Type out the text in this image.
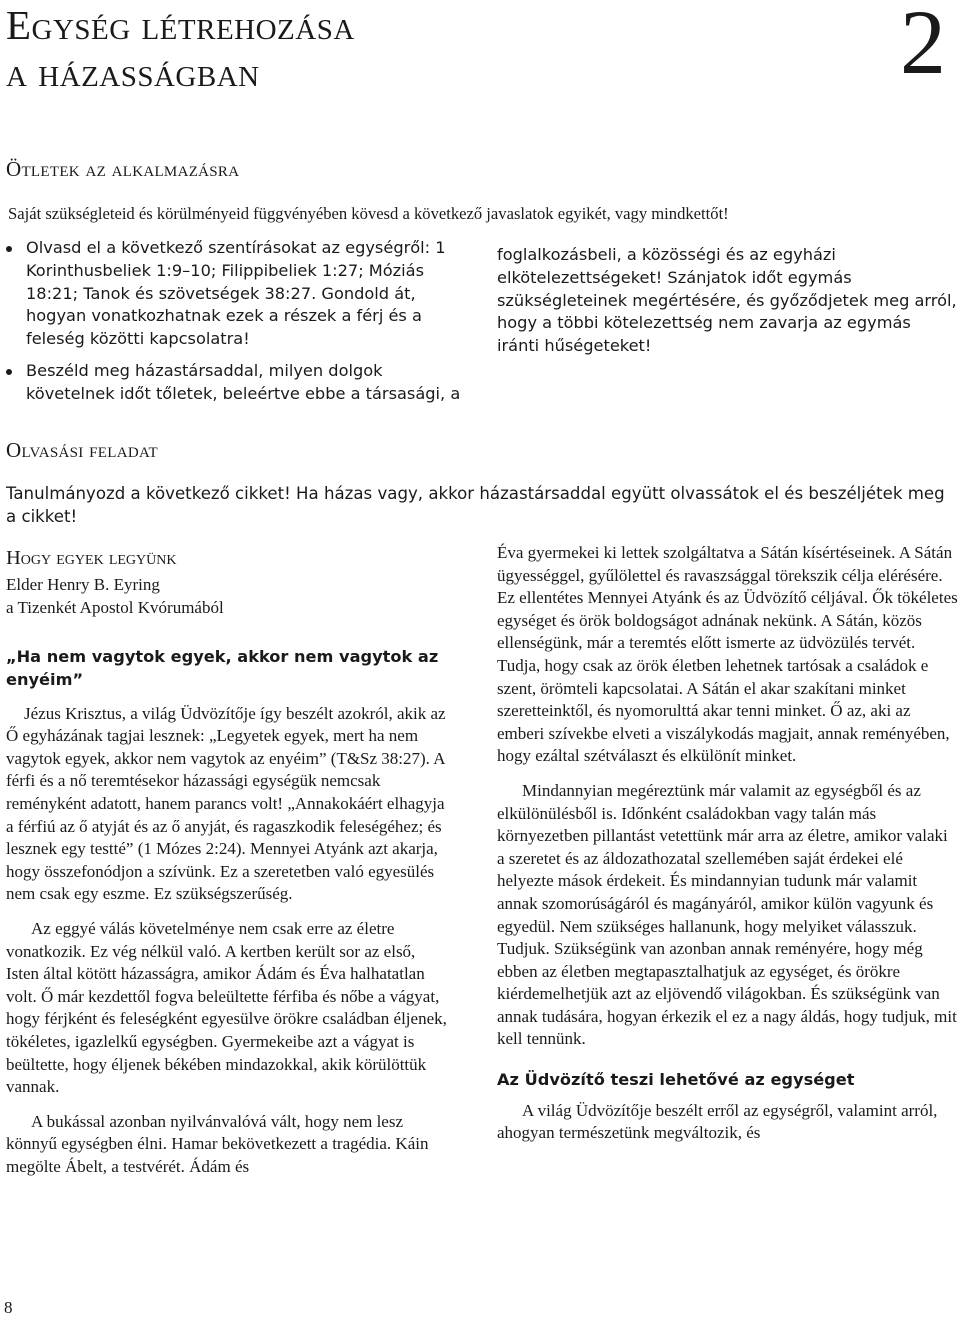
Egység létrehozása
a házasságban	2
Ötletek az alkalmazásra
Saját szükségleteid és körülményeid függvényében kövesd a következő javaslatok egyikét, vagy mindkettőt!
Olvasd el a következő szentírásokat az egységről: 1 Korinthusbeliek 1:9–10; Filippibeliek 1:27; Móziás 18:21; Tanok és szövetségek 38:27. Gondold át, hogyan vonatkozhatnak ezek a részek a férj és a feleség közötti kapcsolatra!
Beszéld meg házastársaddal, milyen dolgok követelnek időt tőletek, beleértve ebbe a társasági, a
foglalkozásbeli, a közösségi és az egyházi elkötelezettségeket! Szánjatok időt egymás szükségleteinek megértésére, és győződjetek meg arról, hogy a többi kötelezettség nem zavarja az egymás iránti hűségeteket!
Olvasási feladat
Tanulmányozd a következő cikket! Ha házas vagy, akkor házastársaddal együtt olvassátok el és beszéljétek meg a cikket!
Hogy egyek legyünk

Elder Henry B. Eyring

a Tizenkét Apostol Kvórumából

„Ha nem vagytok egyek, akkor nem vagytok az enyéim”

Jézus Krisztus, a világ Üdvözítője így beszélt azokról, akik az Ő egyházának tagjai lesznek: „Legyetek egyek, mert ha nem vagytok egyek, akkor nem vagytok az enyéim” (T&Sz 38:27). A férfi és a nő teremtésekor házassági egységük nemcsak reményként adatott, hanem parancs volt! „Annakokáért elhagyja a férfiú az ő atyját és az ő anyját, és ragaszkodik feleségéhez; és lesznek egy testté” (1 Mózes 2:24). Mennyei Atyánk azt akarja, hogy összefonódjon a szívünk. Ez a szeretetben való egyesülés nem csak egy eszme. Ez szükségszerűség.

Az eggyé válás követelménye nem csak erre az életre vonatkozik. Ez vég nélkül való. A kertben került sor az első, Isten által kötött házasságra, amikor Ádám és Éva halhatatlan volt. Ő már kezdettől fogva beleültette férfiba és nőbe a vágyat, hogy férjként és feleségként egyesülve örökre családban éljenek, tökéletes, igazlelkű egységben. Gyermekeibe azt a vágyat is beültette, hogy éljenek békében mindazokkal, akik körülöttük vannak.

A bukással azonban nyilvánvalóvá vált, hogy nem lesz könnyű egységben élni. Hamar bekövetkezett a tragédia. Káin megölte Ábelt, a testvérét. Ádám és

Éva gyermekei ki lettek szolgáltatva a Sátán kísértéseinek. A Sátán ügyességgel, gyűlölettel és ravaszsággal törekszik célja elérésére. Ez ellentétes Mennyei Atyánk és az Üdvözítő céljával. Ők tökéletes egységet és örök boldogságot adnának nekünk. A Sátán, közös ellenségünk, már a teremtés előtt ismerte az üdvözülés tervét. Tudja, hogy csak az örök életben lehetnek tartósak a családok e szent, örömteli kapcsolatai. A Sátán el akar szakítani minket szeretteinktől, és nyomorulttá akar tenni minket. Ő az, aki az emberi szívekbe elveti a viszálykodás magjait, annak reményében, hogy ezáltal szétválaszt és elkülönít minket.

Mindannyian megéreztünk már valamit az egységből és az elkülönülésből is. Időnként családokban vagy talán más környezetben pillantást vetettünk már arra az életre, amikor valaki a szeretet és az áldozathozatal szellemében saját érdekei elé helyezte mások érdekeit. És mindannyian tudunk már valamit annak szomorúságáról és magányáról, amikor külön vagyunk és egyedül. Nem szükséges hallanunk, hogy melyiket válasszuk. Tudjuk. Szükségünk van azonban annak reményére, hogy még ebben az életben megtapasztalhatjuk az egységet, és örökre kiérdemelhetjük azt az eljövendő világokban. És szükségünk van annak tudására, hogyan érkezik el ez a nagy áldás, hogy tudjuk, mit kell tennünk.

Az Üdvözítő teszi lehetővé az egységet

A világ Üdvözítője beszélt erről az egységről, valamint arról, ahogyan természetünk megváltozik, és

8
